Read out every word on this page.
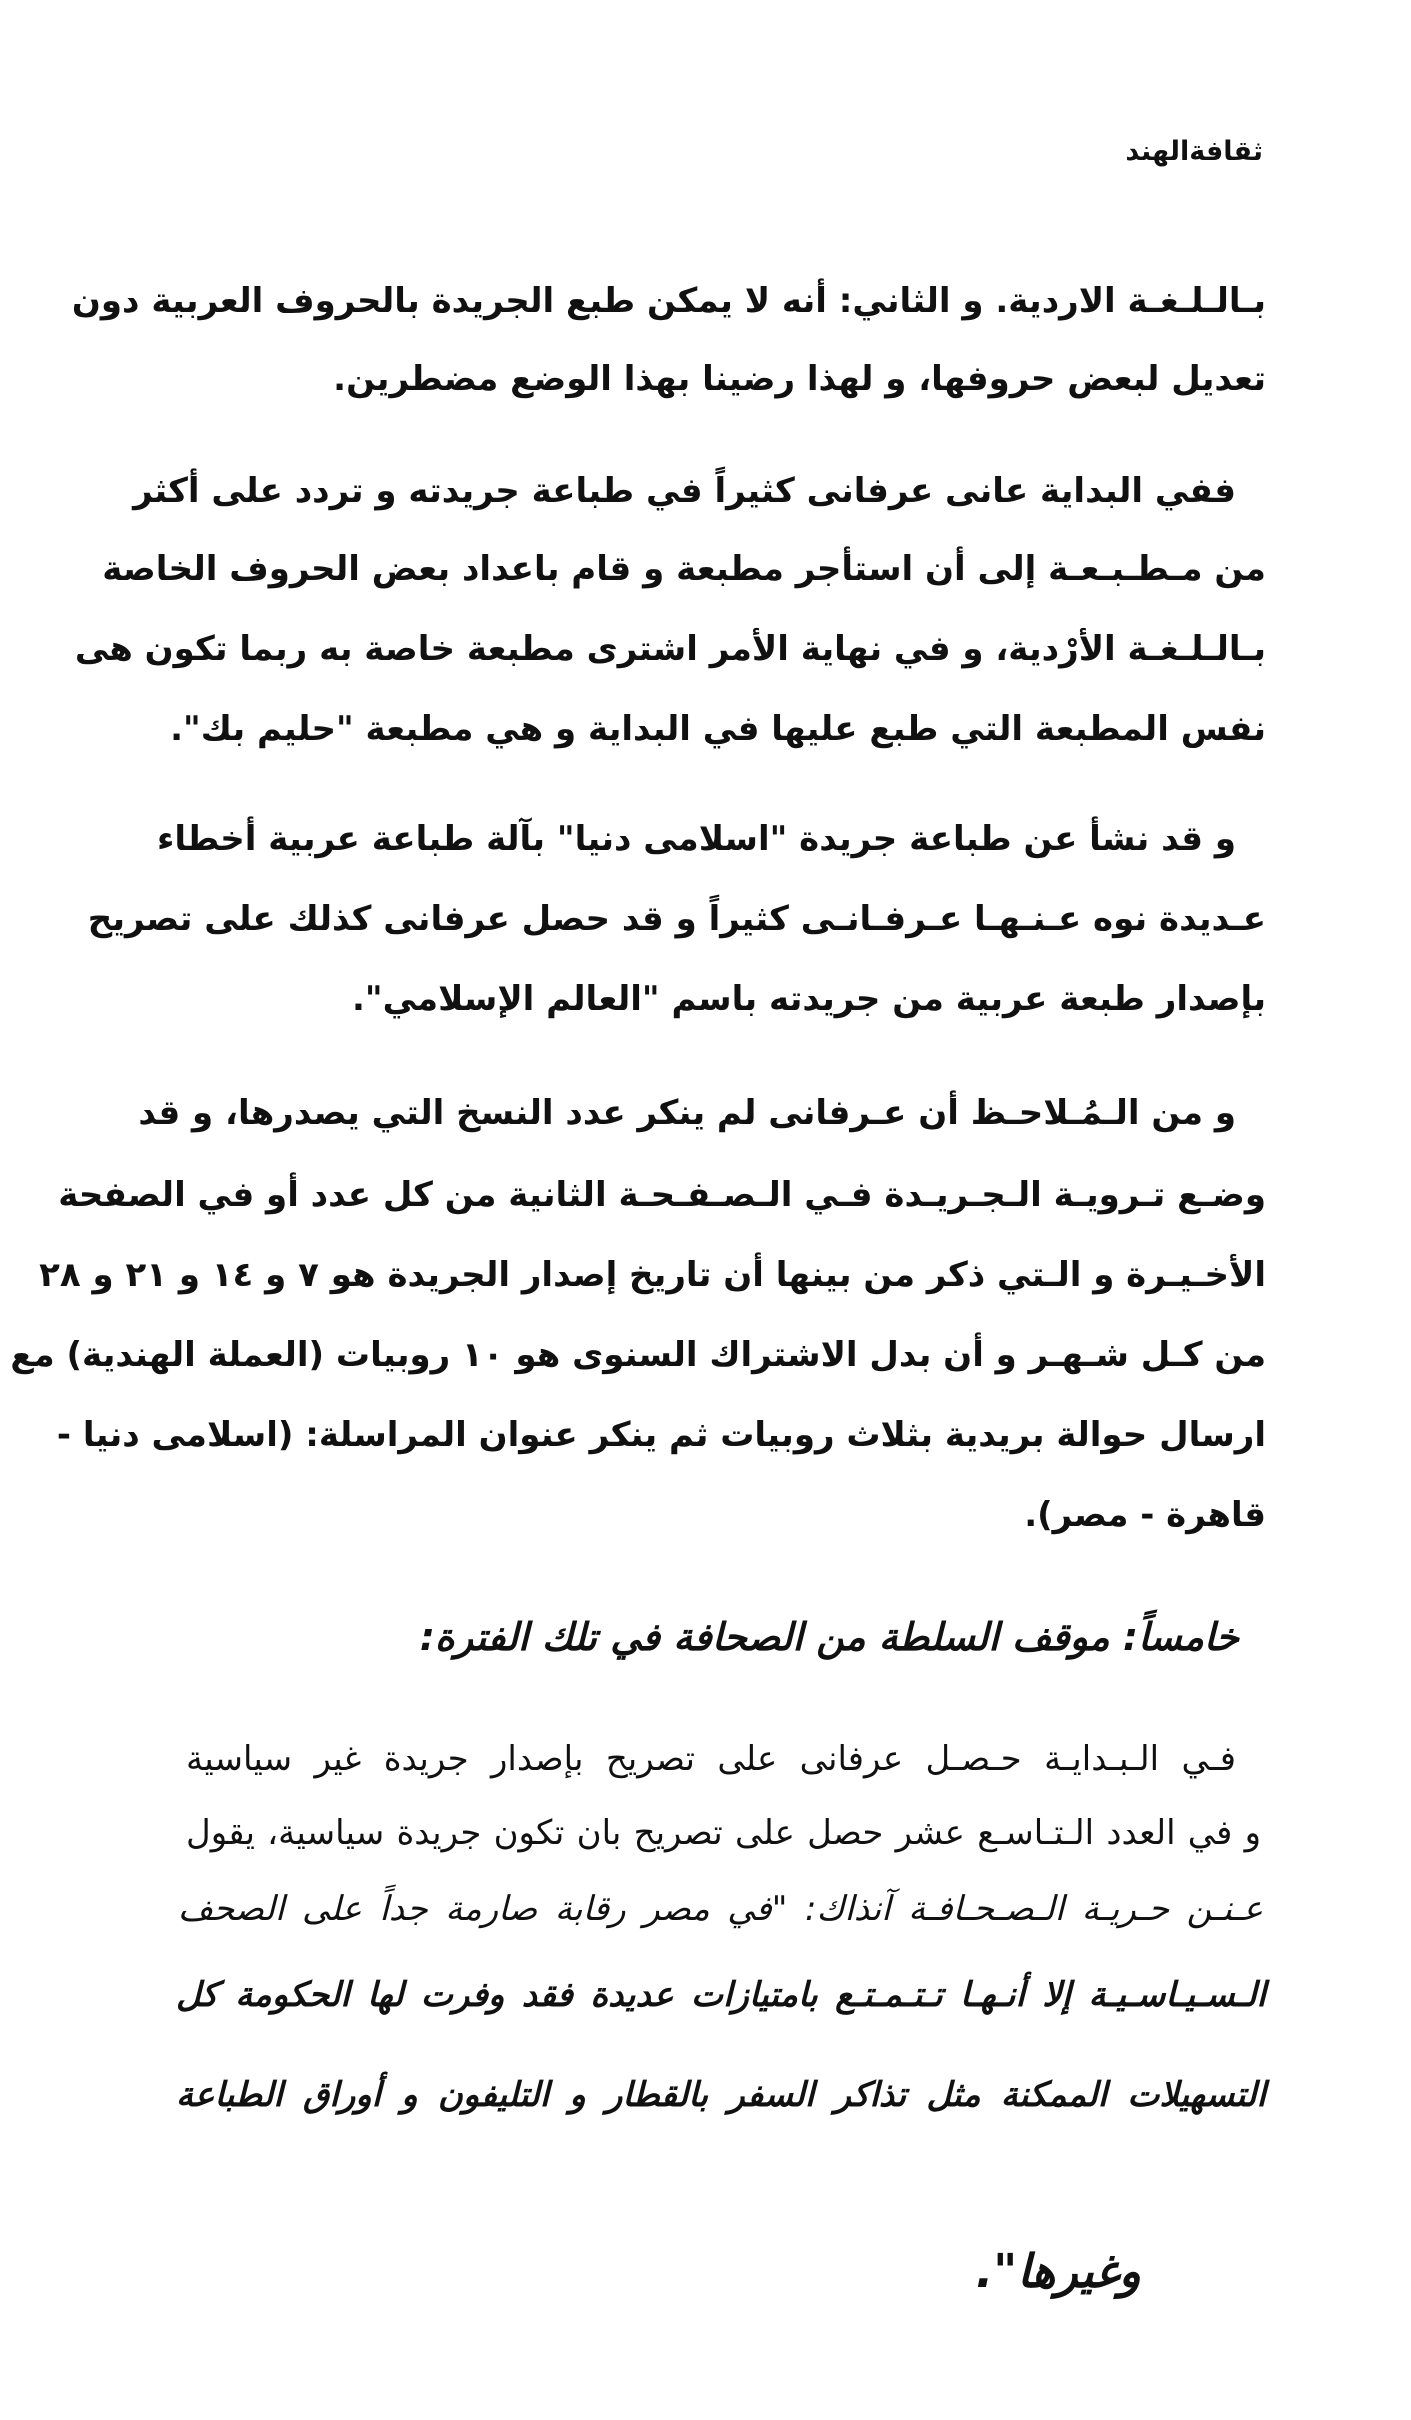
ثقافةالهند
بـالـلـغـة الاردية. و الثاني: أنه لا يمكن طبع الجريدة بالحروف العربية دون
تعديل لبعض حروفها، و لهذا رضينا بهذا الوضع مضطرين.
ففي البداية عانى عرفانى كثيراً في طباعة جريدته و تردد على أكثر
من مـطـبـعـة إلى أن استأجر مطبعة و قام باعداد بعض الحروف الخاصة
بـالـلـغـة الأرْدية، و في نهاية الأمر اشترى مطبعة خاصة به ربما تكون هى
نفس المطبعة التي طبع عليها في البداية و هي مطبعة "حليم بك".
و قد نشأ عن طباعة جريدة "اسلامى دنيا" بآلة طباعة عربية أخطاء
عـديدة نوه عـنـهـا عـرفـانـى كثيراً و قد حصل عرفانى كذلك على تصريح
بإصدار طبعة عربية من جريدته باسم "العالم الإسلامي".
و من الـمُـلاحـظ أن عـرفانى لم ينكر عدد النسخ التي يصدرها، و قد
وضـع تـرويـة الـجـريـدة فـي الـصـفـحـة الثانية من كل عدد أو في الصفحة
الأخـيـرة و الـتي ذكر من بينها أن تاريخ إصدار الجريدة هو ٧ و ١٤ و ٢١ و ٢٨
من كـل شـهـر و أن بدل الاشتراك السنوى هو ١٠ روبيات (العملة الهندية) مع
ارسال حوالة بريدية بثلاث روبيات ثم ينكر عنوان المراسلة: (اسلامى دنيا -
قاهرة - مصر).
خامساً: موقف السلطة من الصحافة في تلك الفترة:
فـي الـبـدايـة حـصـل عرفانى على تصريح بإصدار جريدة غير سياسية
و في العدد الـتـاسـع عشر حصل على تصريح بان تكون جريدة سياسية، يقول
عـنـن حـريـة الـصـحـافـة آنذاك: "في مصر رقابة صارمة جداً على الصحف
الـسـيـاسـيـة إلا أنـهـا تـتـمـتـع بامتيازات عديدة فقد وفرت لها الحكومة كل
التسهيلات الممكنة مثل تذاكر السفر بالقطار و التليفون و أوراق الطباعة
وغيرها".
